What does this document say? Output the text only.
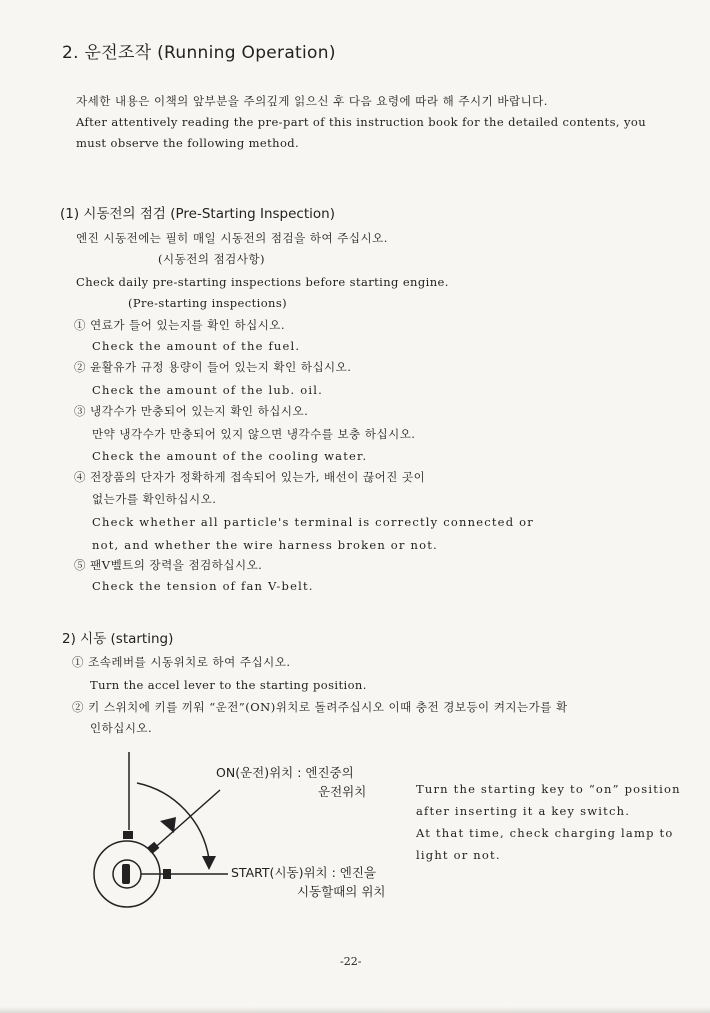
2. 운전조작 (Running Operation)
자세한 내용은 이책의 앞부분을 주의깊게 읽으신 후 다음 요령에 따라 해 주시기 바랍니다.
After attentively reading the pre-part of this instruction book for the detailed contents, you
must observe the following method.
(1) 시동전의 점검 (Pre-Starting Inspection)
엔진 시동전에는 필히 매일 시동전의 점검을 하여 주십시오.
(시동전의 점검사항)
Check daily pre-starting inspections before starting engine.
(Pre-starting inspections)
① 연료가 들어 있는지를 확인 하십시오.
Check the amount of the fuel.
② 윤활유가 규정 용량이 들어 있는지 확인 하십시오.
Check the amount of the lub. oil.
③ 냉각수가 만충되어 있는지 확인 하십시오.
만약 냉각수가 만충되어 있지 않으면 냉각수를 보충 하십시오.
Check the amount of the cooling water.
④ 전장품의 단자가 정확하게 접속되어 있는가, 배선이 끊어진 곳이
없는가를 확인하십시오.
Check whether all particle's terminal is correctly connected or
not, and whether the wire harness broken or not.
⑤ 팬V벨트의 장력을 점검하십시오.
Check the tension of fan V-belt.
2) 시동 (starting)
① 조속레버를 시동위치로 하여 주십시오.
Turn the accel lever to the starting position.
② 키 스위치에 키를 끼워 “운전”(ON)위치로 돌려주십시오 이때 충전 경보등이 켜지는가를 확
인하십시오.
ON(운전)위치 : 엔진중의
운전위치
START(시동)위치 : 엔진을
시동할때의 위치
Turn the starting key to “on” position
after inserting it a key switch.
At that time, check charging lamp to
light or not.
-22-
